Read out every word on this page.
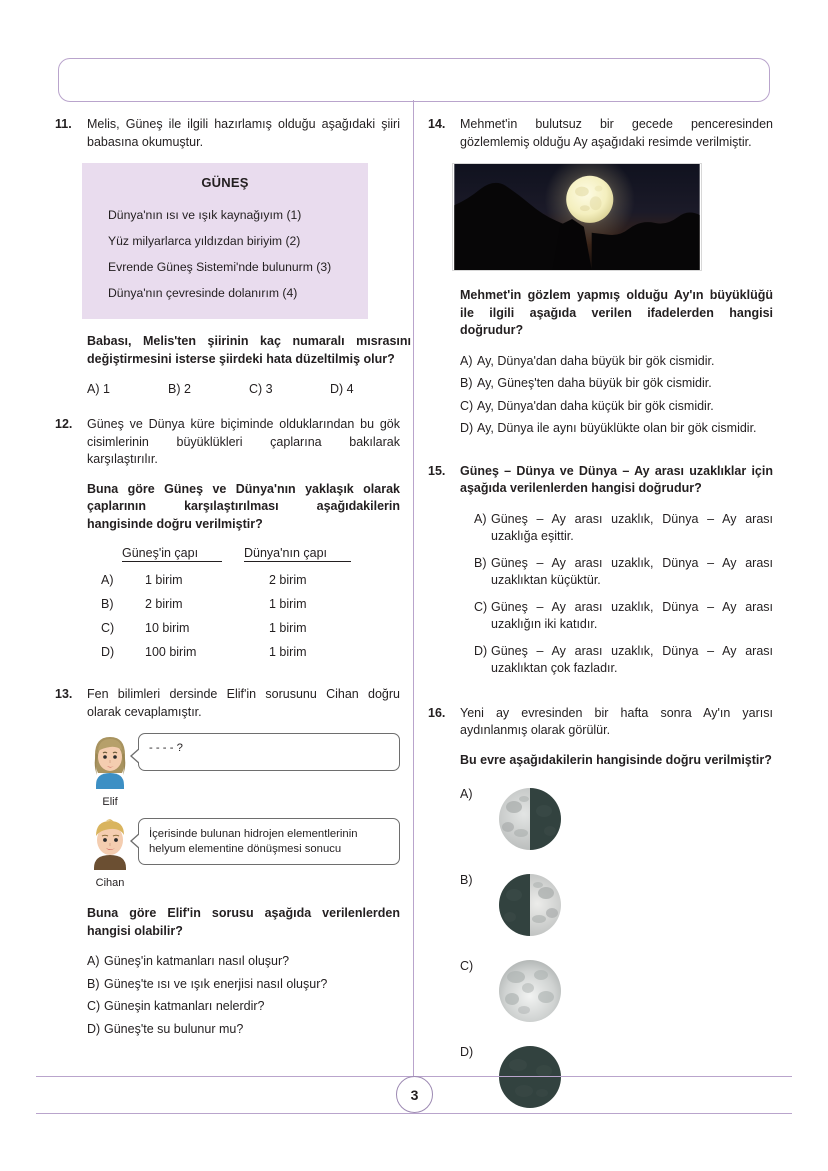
11.	Melis, Güneş ile ilgili hazırlamış olduğu aşağıdaki şiiri babasına okumuştur.

GÜNEŞ
Dünya'nın ısı ve ışık kaynağıyım (1)
Yüz milyarlarca yıldızdan biriyim (2)
Evrende Güneş Sistemi'nde bulunurm (3)
Dünya'nın çevresinde dolanırım (4)

Babası, Melis'ten şiirinin kaç numaralı mısrasını değiştirmesini isterse şiirdeki hata düzeltilmiş olur?

A) 1	B) 2	C) 3	D) 4
12.	Güneş ve Dünya küre biçiminde olduklarından bu gök cisimlerinin büyüklükleri çaplarına bakılarak karşılaştırılır.

Buna göre Güneş ve Dünya'nın yaklaşık olarak çaplarının karşılaştırılması aşağıdakilerin hangisinde doğru verilmiştir?

Güneş'in çapı	Dünya'nın çapı
A)	1 birim	2 birim
B)	2 birim	1 birim
C)	10 birim	1 birim
D)	100 birim	1 birim
13.	Fen bilimleri dersinde Elif'in sorusunu Cihan doğru olarak cevaplamıştır.

Elif
- - - - ?
Cihan
İçerisinde bulunan hidrojen elementlerinin helyum elementine dönüşmesi sonucu

Buna göre Elif'in sorusu aşağıda verilenlerden hangisi olabilir?

A) Güneş'in katmanları nasıl oluşur?
B) Güneş'te ısı ve ışık enerjisi nasıl oluşur?
C) Güneşin katmanları nelerdir?
D) Güneş'te su bulunur mu?
14.	Mehmet'in bulutsuz bir gecede penceresinden gözlemlemiş olduğu Ay aşağıdaki resimde verilmiştir.

Mehmet'in gözlem yapmış olduğu Ay'ın büyüklüğü ile ilgili aşağıda verilen ifadelerden hangisi doğrudur?

A) Ay, Dünya'dan daha büyük bir gök cismidir.
B) Ay, Güneş'ten daha büyük bir gök cismidir.
C) Ay, Dünya'dan daha küçük bir gök cismidir.
D) Ay, Dünya ile aynı büyüklükte olan bir gök cismidir.
15.	Güneş – Dünya ve Dünya – Ay arası uzaklıklar için aşağıda verilenlerden hangisi doğrudur?

A) Güneş – Ay arası uzaklık, Dünya – Ay arası uzaklığa eşittir.
B) Güneş – Ay arası uzaklık, Dünya – Ay arası uzaklıktan küçüktür.
C) Güneş – Ay arası uzaklık, Dünya – Ay arası uzaklığın iki katıdır.
D) Güneş – Ay arası uzaklık, Dünya – Ay arası uzaklıktan çok fazladır.
16.	Yeni ay evresinden bir hafta sonra Ay'ın yarısı aydınlanmış olarak görülür.

Bu evre aşağıdakilerin hangisinde doğru verilmiştir?

A)
B)
C)
D)
3
